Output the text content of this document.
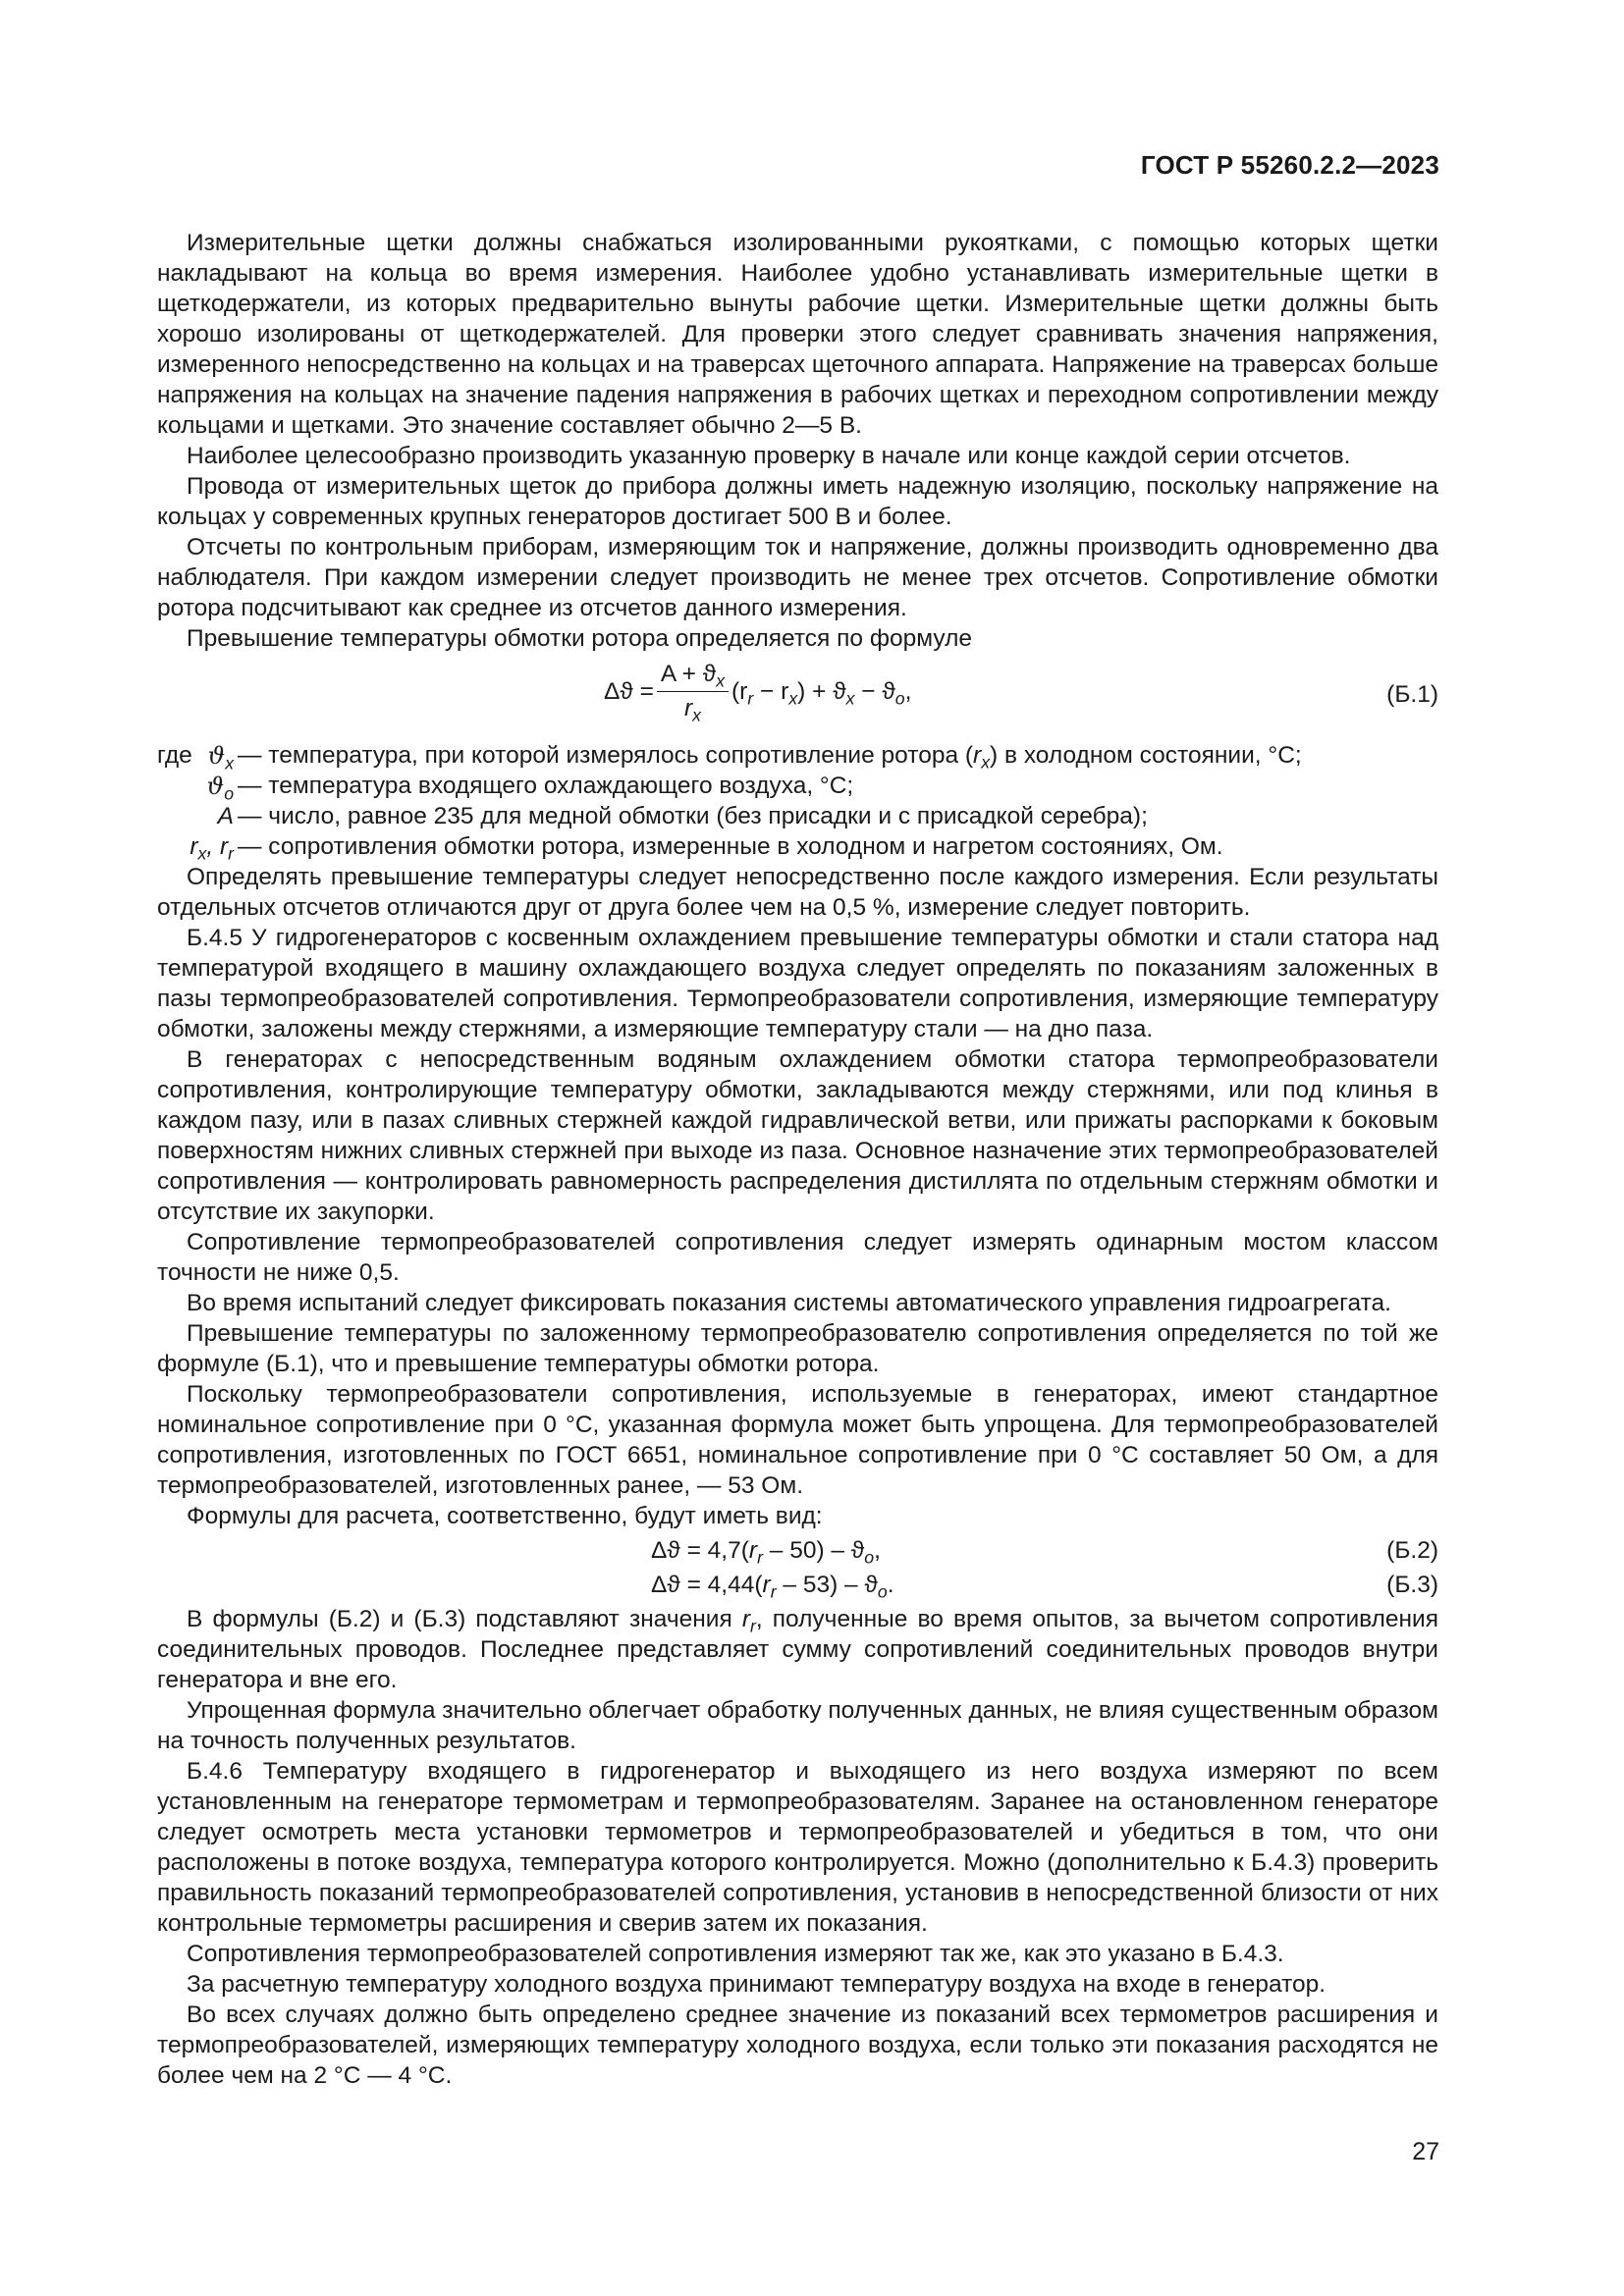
ГОСТ Р 55260.2.2—2023

Измерительные щетки должны снабжаться изолированными рукоятками, с помощью которых щетки накладывают на кольца во время измерения. Наиболее удобно устанавливать измерительные щетки в щеткодержатели, из которых предварительно вынуты рабочие щетки. Измерительные щетки должны быть хорошо изолированы от щеткодержателей. Для проверки этого следует сравнивать значения напряжения, измеренного непосредственно на кольцах и на траверсах щеточного аппарата. Напряжение на траверсах больше напряжения на кольцах на значение падения напряжения в рабочих щетках и переходном сопротивлении между кольцами и щетками. Это значение составляет обычно 2—5 В.

Наиболее целесообразно производить указанную проверку в начале или конце каждой серии отсчетов.

Провода от измерительных щеток до прибора должны иметь надежную изоляцию, поскольку напряжение на кольцах у современных крупных генераторов достигает 500 В и более.

Отсчеты по контрольным приборам, измеряющим ток и напряжение, должны производить одновременно два наблюдателя. При каждом измерении следует производить не менее трех отсчетов. Сопротивление обмотки ротора подсчитывают как среднее из отсчетов данного измерения.

Превышение температуры обмотки ротора определяется по формуле

$\Delta ϑ = \frac{A + ϑ_x}{r_x} (r_r - r_x) + ϑ_x - ϑ_o$,	(Б.1)
где $ϑ_x$ — температура, при которой измерялось сопротивление ротора $(r_x)$ в холодном состоянии, °С;
$ϑ_o$ — температура входящего охлаждающего воздуха, °С;
A — число, равное 235 для медной обмотки (без присадки и с присадкой серебра);
$r_x$, $r_r$ — сопротивления обмотки ротора, измеренные в холодном и нагретом состояниях, Ом.

Определять превышение температуры следует непосредственно после каждого измерения. Если результаты отдельных отсчетов отличаются друг от друга более чем на 0,5 %, измерение следует повторить.

Б.4.5 У гидрогенераторов с косвенным охлаждением превышение температуры обмотки и стали статора над температурой входящего в машину охлаждающего воздуха следует определять по показаниям заложенных в пазы термопреобразователей сопротивления. Термопреобразователи сопротивления, измеряющие температуру обмотки, заложены между стержнями, а измеряющие температуру стали — на дно паза.

В генераторах с непосредственным водяным охлаждением обмотки статора термопреобразователи сопротивления, контролирующие температуру обмотки, закладываются между стержнями, или под клинья в каждом пазу, или в пазах сливных стержней каждой гидравлической ветви, или прижаты распорками к боковым поверхностям нижних сливных стержней при выходе из паза. Основное назначение этих термопреобразователей сопротивления — контролировать равномерность распределения дистиллята по отдельным стержням обмотки и отсутствие их закупорки.

Сопротивление термопреобразователей сопротивления следует измерять одинарным мостом классом точности не ниже 0,5.

Во время испытаний следует фиксировать показания системы автоматического управления гидроагрегата.

Превышение температуры по заложенному термопреобразователю сопротивления определяется по той же формуле (Б.1), что и превышение температуры обмотки ротора.

Поскольку термопреобразователи сопротивления, используемые в генераторах, имеют стандартное номинальное сопротивление при 0 °С, указанная формула может быть упрощена. Для термопреобразователей сопротивления, изготовленных по ГОСТ 6651, номинальное сопротивление при 0 °С составляет 50 Ом, а для термопреобразователей, изготовленных ранее, — 53 Ом.

Формулы для расчета, соответственно, будут иметь вид:

$\Delta ϑ = 4,7(r_r - 50) - ϑ_o$,	(Б.2)
$\Delta ϑ = 4,44(r_r - 53) - ϑ_o$.	(Б.3)

В формулы (Б.2) и (Б.3) подставляют значения $r_r$, полученные во время опытов, за вычетом сопротивления соединительных проводов. Последнее представляет сумму сопротивлений соединительных проводов внутри генератора и вне его.

Упрощенная формула значительно облегчает обработку полученных данных, не влияя существенным образом на точность полученных результатов.

Б.4.6 Температуру входящего в гидрогенератор и выходящего из него воздуха измеряют по всем установленным на генераторе термометрам и термопреобразователям. Заранее на остановленном генераторе следует осмотреть места установки термометров и термопреобразователей и убедиться в том, что они расположены в потоке воздуха, температура которого контролируется. Можно (дополнительно к Б.4.3) проверить правильность показаний термопреобразователей сопротивления, установив в непосредственной близости от них контрольные термометры расширения и сверив затем их показания.

Сопротивления термопреобразователей сопротивления измеряют так же, как это указано в Б.4.3.

За расчетную температуру холодного воздуха принимают температуру воздуха на входе в генератор.

Во всех случаях должно быть определено среднее значение из показаний всех термометров расширения и термопреобразователей, измеряющих температуру холодного воздуха, если только эти показания расходятся не более чем на 2 °С — 4 °С.

27
